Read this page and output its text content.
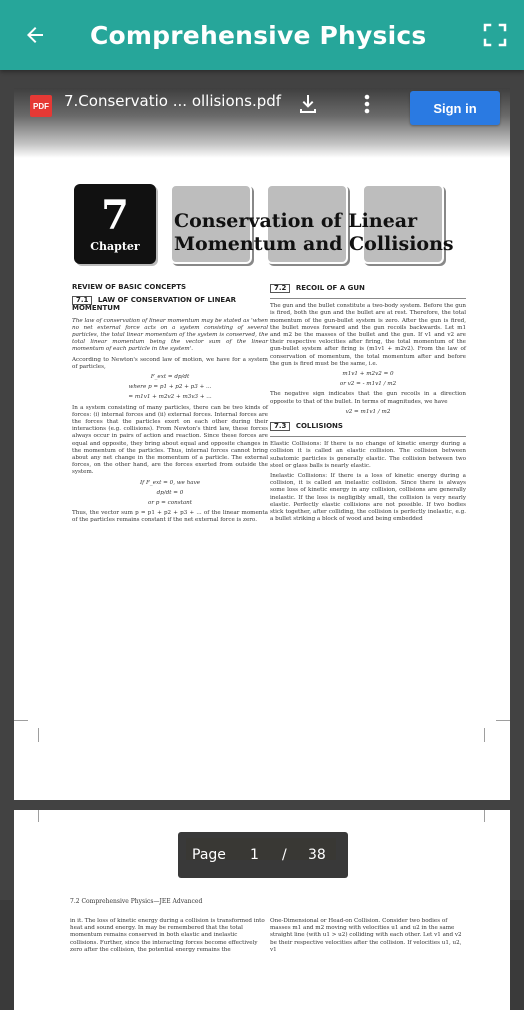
Comprehensive Physics
PDF 7.Conservatio ... ollisions.pdf	Sign in
7
Chapter
Conservation of Linear
Momentum and Collisions
REVIEW OF BASIC CONCEPTS
7.1 LAW OF CONSERVATION OF LINEAR MOMENTUM
The law of conservation of linear momentum may be stated as 'when no net external force acts on a system consisting of several particles, the total linear momentum of the system is conserved, the total linear momentum being the vector sum of the linear momentum of each particle in the system'.
According to Newton's second law of motion, we have for a system of particles,
F_ext = dp/dt
where p = p1 + p2 + p3 + ...
= m1v1 + m2v2 + m3v3 + ...
In a system consisting of many particles, there can be two kinds of forces: (i) internal forces and (ii) external forces. Internal forces are the forces that the particles exert on each other during their interactions (e.g. collisions). From Newton's third law, these forces always occur in pairs of action and reaction. Since these forces are equal and opposite, they bring about equal and opposite changes in the momentum of the particles. Thus, internal forces cannot bring about any net change in the momentum of a particle. The external forces, on the other hand, are the forces exerted from outside the system.
If F_ext = 0, we have
dp/dt = 0
or p = constant
Thus, the vector sum p = p1 + p2 + p3 + ... of the linear momenta of the particles remains constant if the net external force is zero.
7.2 RECOIL OF A GUN
The gun and the bullet constitute a two-body system. Before the gun is fired, both the gun and the bullet are at rest. Therefore, the total momentum of the gun-bullet system is zero. After the gun is fired, the bullet moves forward and the gun recoils backwards. Let m1 and m2 be the masses of the bullet and the gun. If v1 and v2 are their respective velocities after firing, the total momentum of the gun-bullet system after firing is (m1v1 + m2v2). From the law of conservation of momentum, the total momentum after and before the gun is fired must be the same, i.e.
m1v1 + m2v2 = 0
or v2 = - m1v1 / m2
The negative sign indicates that the gun recoils in a direction opposite to that of the bullet. In terms of magnitudes, we have
v2 = m1v1 / m2
7.3 COLLISIONS
Elastic Collisions: If there is no change of kinetic energy during a collision it is called an elastic collision. The collision between subatomic particles is generally elastic. The collision between two steel or glass balls is nearly elastic.
Inelastic Collisions: If there is a loss of kinetic energy during a collision, it is called an inelastic collision. Since there is always some loss of kinetic energy in any collision, collisions are generally inelastic. If the loss is negligibly small, the collision is very nearly elastic. Perfectly elastic collisions are not possible. If two bodies stick together, after colliding, the collision is perfectly inelastic, e.g. a bullet striking a block of wood and being embedded
7.2 Comprehensive Physics—JEE Advanced
in it. The loss of kinetic energy during a collision is transformed into heat and sound energy. In may be remembered that the total momentum remains conserved in both elastic and inelastic collisions. Further, since the interacting forces become effectively zero after the collision, the potential energy remains the
One-Dimensional or Head-on Collision. Consider two bodies of masses m1 and m2 moving with velocities u1 and u2 in the same straight line (with u1 > u2) colliding with each other. Let v1 and v2 be their respective velocities after the collision. If velocities u1, u2, v1
Page 1 / 38
